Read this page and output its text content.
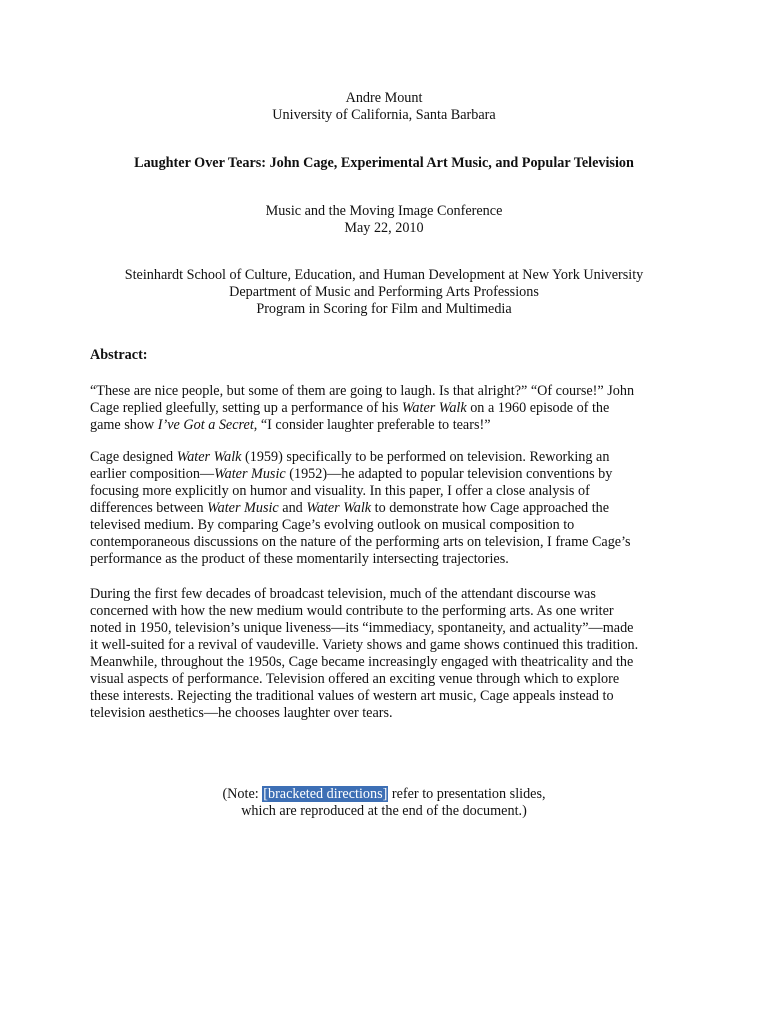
Andre Mount
University of California, Santa Barbara
Laughter Over Tears: John Cage, Experimental Art Music, and Popular Television
Music and the Moving Image Conference
May 22, 2010
Steinhardt School of Culture, Education, and Human Development at New York University
Department of Music and Performing Arts Professions
Program in Scoring for Film and Multimedia
Abstract:

“These are nice people, but some of them are going to laugh. Is that alright?” “Of course!” John
Cage replied gleefully, setting up a performance of his Water Walk on a 1960 episode of the
game show I’ve Got a Secret, “I consider laughter preferable to tears!”

Cage designed Water Walk (1959) specifically to be performed on television. Reworking an
earlier composition—Water Music (1952)—he adapted to popular television conventions by
focusing more explicitly on humor and visuality. In this paper, I offer a close analysis of
differences between Water Music and Water Walk to demonstrate how Cage approached the
televised medium. By comparing Cage’s evolving outlook on musical composition to
contemporaneous discussions on the nature of the performing arts on television, I frame Cage’s
performance as the product of these momentarily intersecting trajectories.

During the first few decades of broadcast television, much of the attendant discourse was
concerned with how the new medium would contribute to the performing arts. As one writer
noted in 1950, television’s unique liveness—its “immediacy, spontaneity, and actuality”—made
it well-suited for a revival of vaudeville. Variety shows and game shows continued this tradition.
Meanwhile, throughout the 1950s, Cage became increasingly engaged with theatricality and the
visual aspects of performance. Television offered an exciting venue through which to explore
these interests. Rejecting the traditional values of western art music, Cage appeals instead to
television aesthetics—he chooses laughter over tears.

(Note: [bracketed directions] refer to presentation slides,
which are reproduced at the end of the document.)
